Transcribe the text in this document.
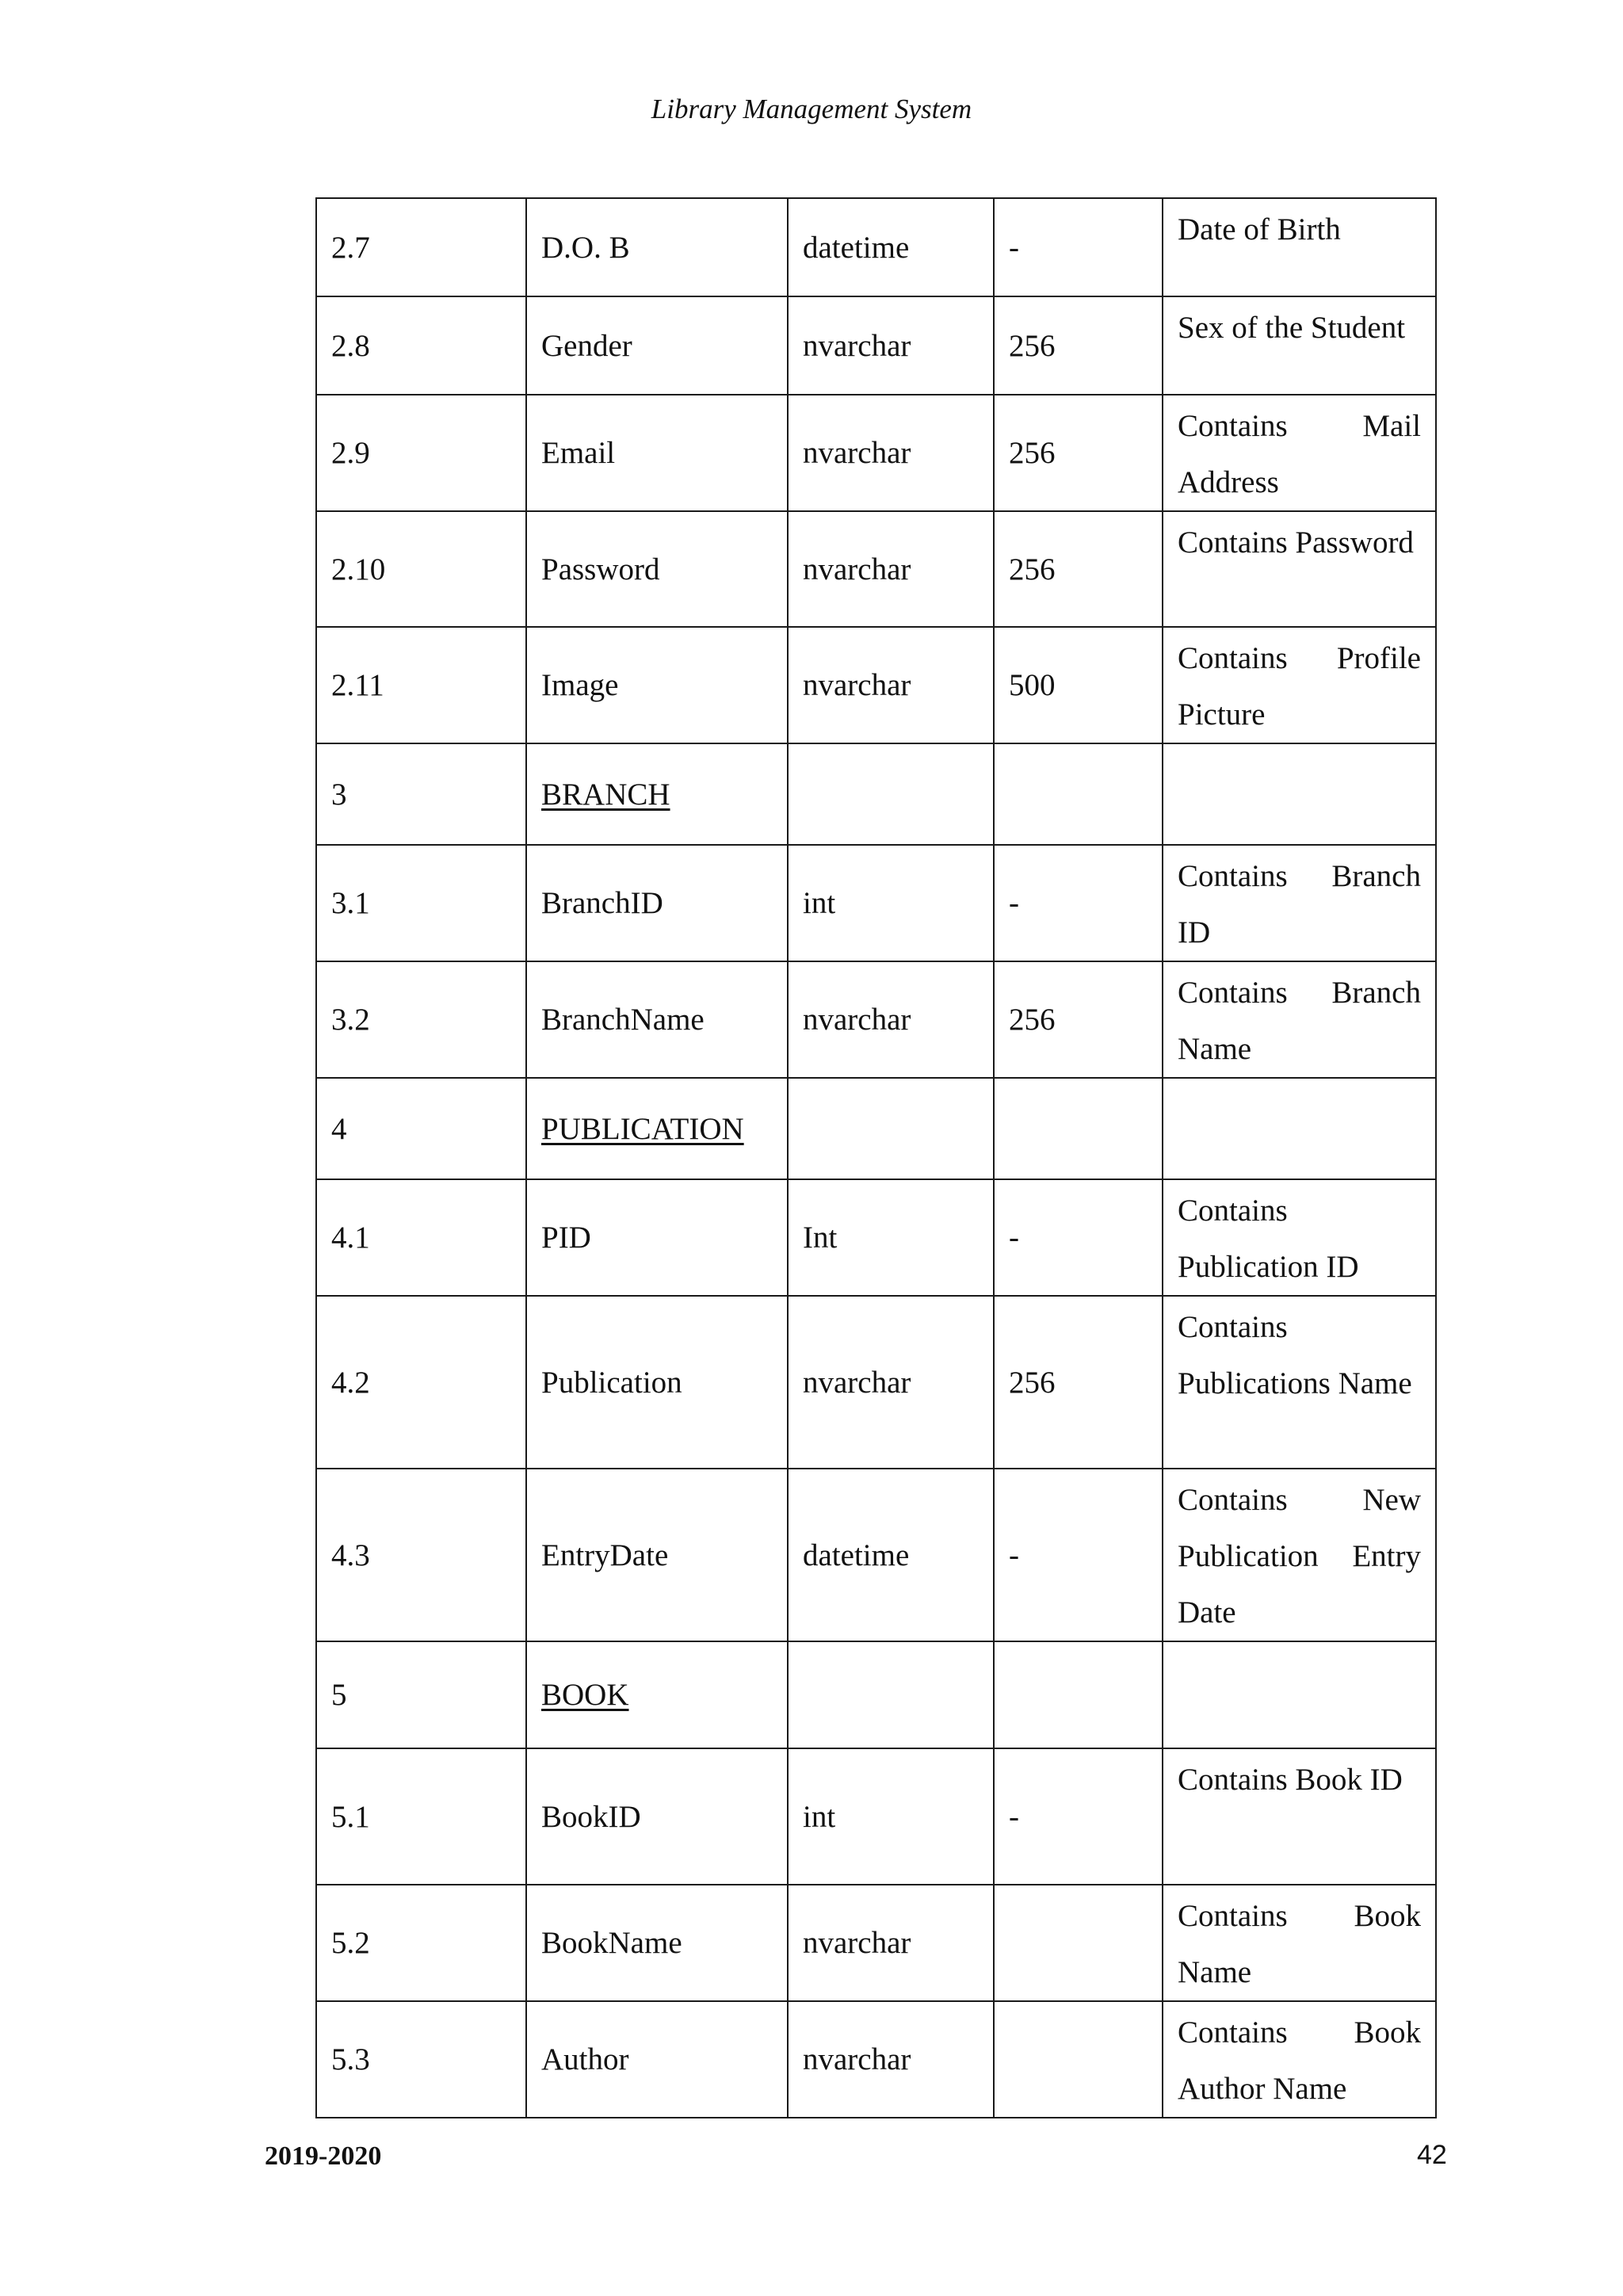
Library Management System
2.7	D.O. B	datetime	-	Date of Birth
2.8	Gender	nvarchar	256	Sex of the Student
2.9	Email	nvarchar	256	Contains Mail Address
2.10	Password	nvarchar	256	Contains Password
2.11	Image	nvarchar	500	Contains Profile Picture
3	BRANCH			
3.1	BranchID	int	-	Contains Branch ID
3.2	BranchName	nvarchar	256	Contains Branch Name
4	PUBLICATION			
4.1	PID	Int	-	Contains Publication ID
4.2	Publication	nvarchar	256	Contains Publications Name
4.3	EntryDate	datetime	-	Contains New Publication Entry Date
5	BOOK			
5.1	BookID	int	-	Contains Book ID
5.2	BookName	nvarchar		Contains Book Name
5.3	Author	nvarchar		Contains Book Author Name
2019-2020	42
